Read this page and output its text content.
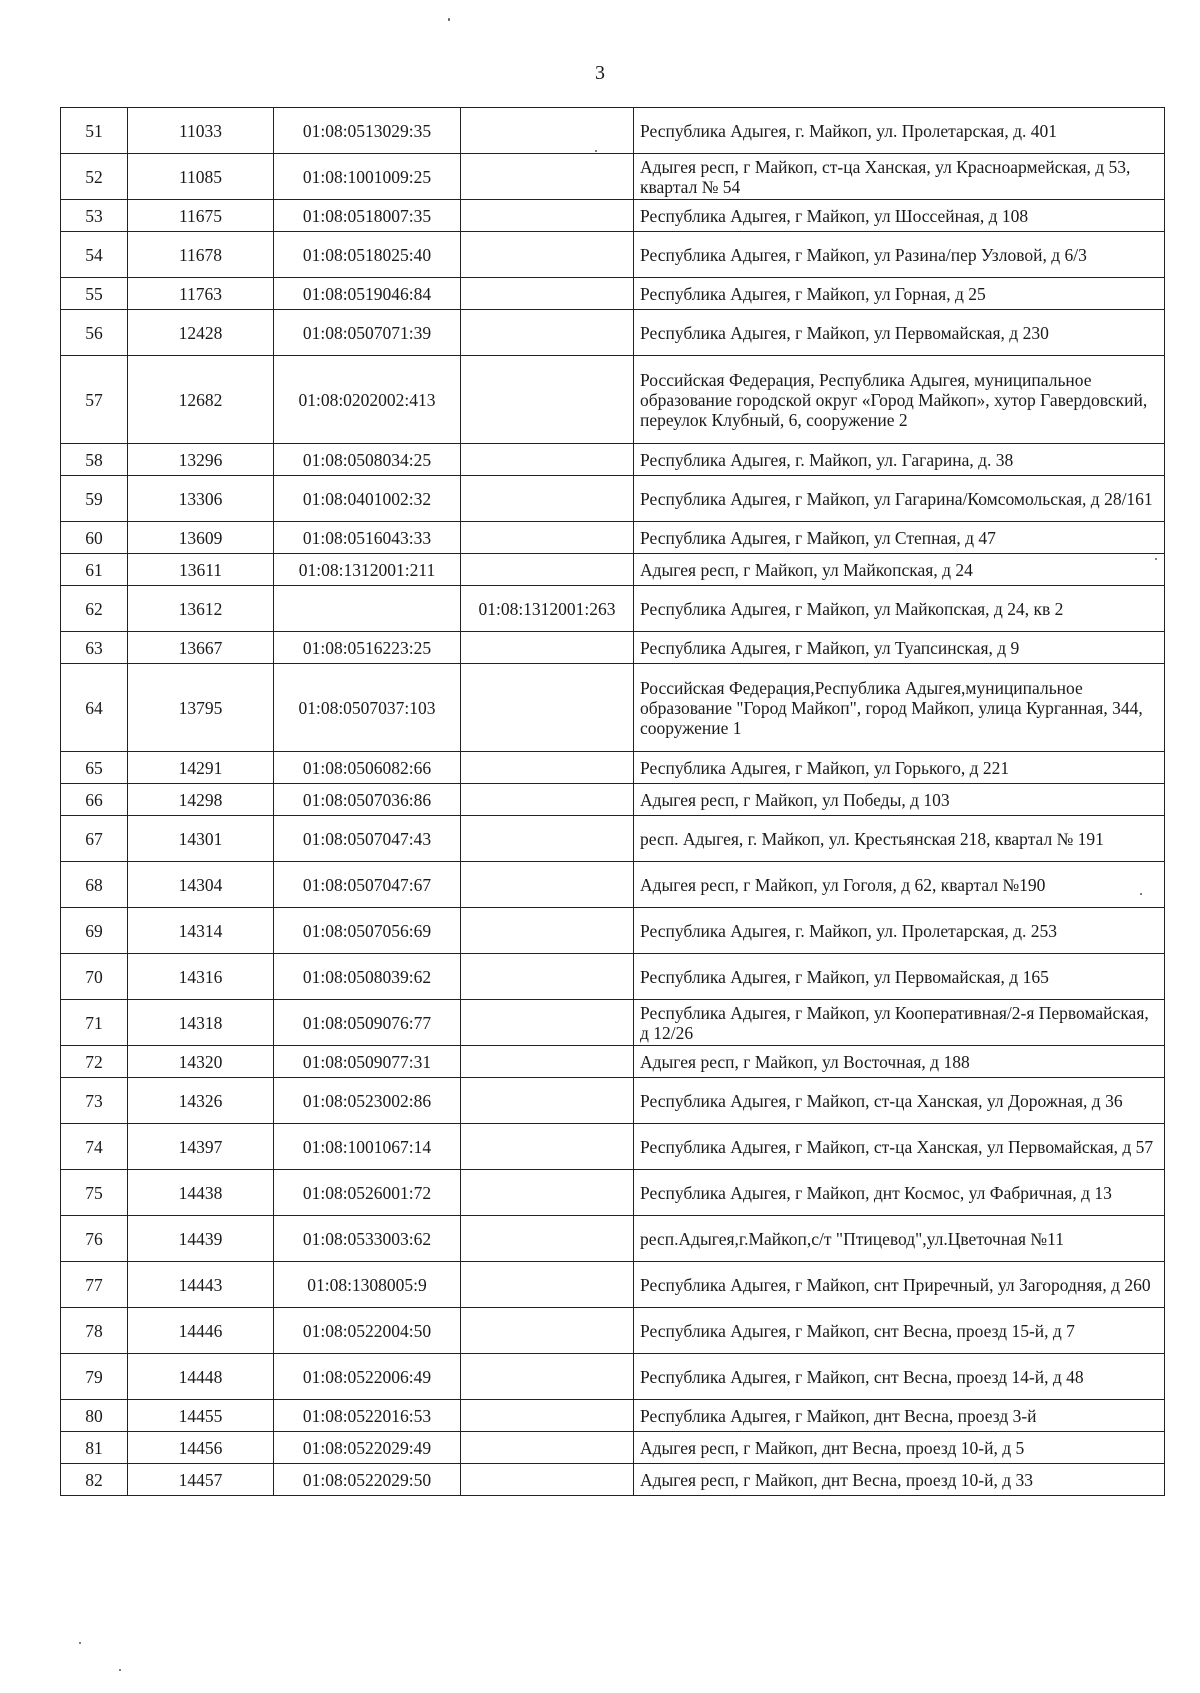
3
51	11033	01:08:0513029:35		Республика Адыгея, г. Майкоп, ул. Пролетарская, д. 401
52	11085	01:08:1001009:25		Адыгея респ, г Майкоп, ст-ца Ханская, ул Красноармейская, д 53, квартал № 54
53	11675	01:08:0518007:35		Республика Адыгея, г Майкоп, ул Шоссейная, д 108
54	11678	01:08:0518025:40		Республика Адыгея, г Майкоп, ул Разина/пер Узловой, д 6/3
55	11763	01:08:0519046:84		Республика Адыгея, г Майкоп, ул Горная, д 25
56	12428	01:08:0507071:39		Республика Адыгея, г Майкоп, ул Первомайская, д 230
57	12682	01:08:0202002:413		Российская Федерация, Республика Адыгея, муниципальное образование городской округ «Город Майкоп», хутор Гавердовский, переулок Клубный, 6, сооружение 2
58	13296	01:08:0508034:25		Республика Адыгея, г. Майкоп, ул. Гагарина, д. 38
59	13306	01:08:0401002:32		Республика Адыгея, г Майкоп, ул Гагарина/Комсомольская, д 28/161
60	13609	01:08:0516043:33		Республика Адыгея, г Майкоп, ул Степная, д 47
61	13611	01:08:1312001:211		Адыгея респ, г Майкоп, ул Майкопская, д 24
62	13612		01:08:1312001:263	Республика Адыгея, г Майкоп, ул Майкопская, д 24, кв 2
63	13667	01:08:0516223:25		Республика Адыгея, г Майкоп, ул Туапсинская, д 9
64	13795	01:08:0507037:103		Российская Федерация,Республика Адыгея,муниципальное образование "Город Майкоп", город Майкоп, улица Курганная, 344, сооружение 1
65	14291	01:08:0506082:66		Республика Адыгея, г Майкоп, ул Горького, д 221
66	14298	01:08:0507036:86		Адыгея респ, г Майкоп, ул Победы, д 103
67	14301	01:08:0507047:43		респ. Адыгея, г. Майкоп, ул. Крестьянская 218, квартал № 191
68	14304	01:08:0507047:67		Адыгея респ, г Майкоп, ул Гоголя, д 62, квартал №190
69	14314	01:08:0507056:69		Республика Адыгея, г. Майкоп, ул. Пролетарская, д. 253
70	14316	01:08:0508039:62		Республика Адыгея, г Майкоп, ул Первомайская, д 165
71	14318	01:08:0509076:77		Республика Адыгея, г Майкоп, ул Кооперативная/2-я Первомайская, д 12/26
72	14320	01:08:0509077:31		Адыгея респ, г Майкоп, ул Восточная, д 188
73	14326	01:08:0523002:86		Республика Адыгея, г Майкоп, ст-ца Ханская, ул Дорожная, д 36
74	14397	01:08:1001067:14		Республика Адыгея, г Майкоп, ст-ца Ханская, ул Первомайская, д 57
75	14438	01:08:0526001:72		Республика Адыгея, г Майкоп, днт Космос, ул Фабричная, д 13
76	14439	01:08:0533003:62		респ.Адыгея,г.Майкоп,с/т "Птицевод",ул.Цветочная №11
77	14443	01:08:1308005:9		Республика Адыгея, г Майкоп, снт Приречный, ул Загородняя, д 260
78	14446	01:08:0522004:50		Республика Адыгея, г Майкоп, снт Весна, проезд 15-й, д 7
79	14448	01:08:0522006:49		Республика Адыгея, г Майкоп, снт Весна, проезд 14-й, д 48
80	14455	01:08:0522016:53		Республика Адыгея, г Майкоп, днт Весна, проезд 3-й
81	14456	01:08:0522029:49		Адыгея респ, г Майкоп, днт Весна, проезд 10-й, д 5
82	14457	01:08:0522029:50		Адыгея респ, г Майкоп, днт Весна, проезд 10-й, д 33
